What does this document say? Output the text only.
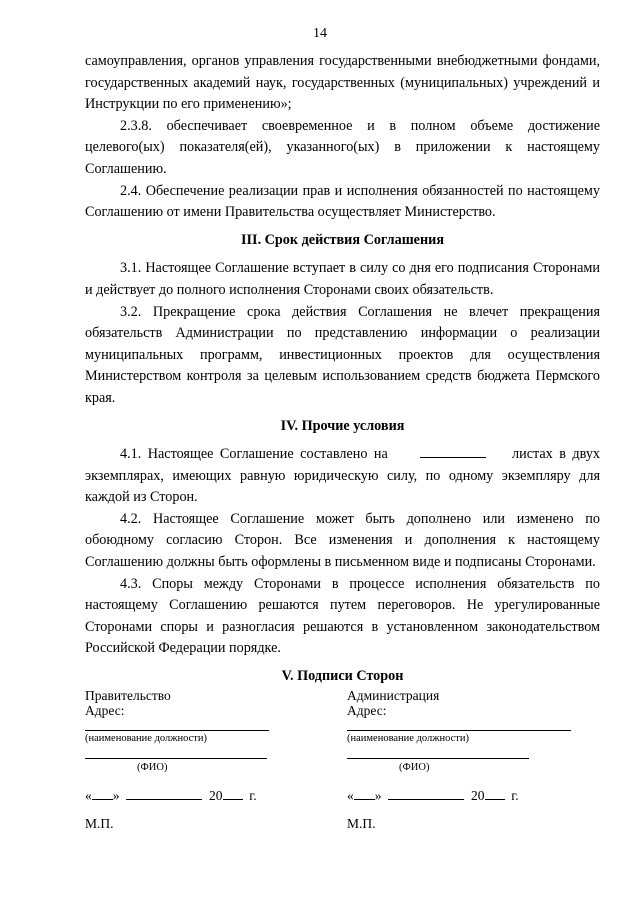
14

самоуправления, органов управления государственными внебюджетными фондами, государственных академий наук, государственных (муниципальных) учреждений и Инструкции по его применению»;

2.3.8. обеспечивает своевременное и в полном объеме достижение целевого(ых) показателя(ей), указанного(ых) в приложении к настоящему Соглашению.

2.4. Обеспечение реализации прав и исполнения обязанностей по настоящему Соглашению от имени Правительства осуществляет Министерство.

III. Срок действия Соглашения

3.1. Настоящее Соглашение вступает в силу со дня его подписания Сторонами и действует до полного исполнения Сторонами своих обязательств.

3.2. Прекращение срока действия Соглашения не влечет прекращения обязательств Администрации по представлению информации о реализации муниципальных программ, инвестиционных проектов для осуществления Министерством контроля за целевым использованием средств бюджета Пермского края.

IV. Прочие условия

4.1. Настоящее Соглашение составлено на	листах в двух экземплярах, имеющих равную юридическую силу, по одному экземпляру для каждой из Сторон.

4.2. Настоящее Соглашение может быть дополнено или изменено по обоюдному согласию Сторон. Все изменения и дополнения к настоящему Соглашению должны быть оформлены в письменном виде и подписаны Сторонами.

4.3. Споры между Сторонами в процессе исполнения обязательств по настоящему Соглашению решаются путем переговоров. Не урегулированные Сторонами споры и разногласия решаются в установленном законодательством Российской Федерации порядке.

V. Подписи Сторон
Правительство
Адрес:
(наименование должности)
(ФИО)
« »	20 г.
М.П.
Администрация
Адрес:
(наименование должности)
(ФИО)
« »	20 г.
М.П.
